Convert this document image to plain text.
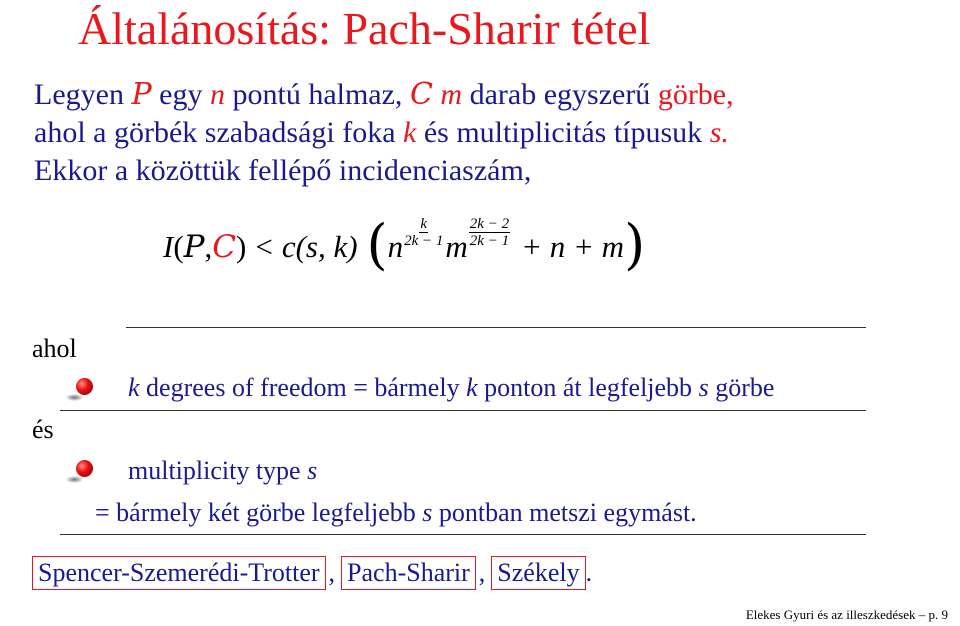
Általánosítás: Pach-Sharir tétel
Legyen P egy n pontú halmaz, C m darab egyszerű görbe,
ahol a görbék szabadsági foka k és multiplicitás típusuk s.
Ekkor a közöttük fellépő incidenciaszám,
I ( P , C ) < c(s, k) ( n $\frac{k}{2k - 1}$ m $\frac{2k - 2}{2k - 1} + n + m$ )
ahol
k degrees of freedom = bármely k ponton át legfeljebb s görbe
és
multiplicity type s
= bármely két görbe legfeljebb s pontban metszi egymást.
Spencer-Szemerédi-Trotter , Pach-Sharir , Székely .
Elekes Gyuri és az illeszkedések – p. 9
